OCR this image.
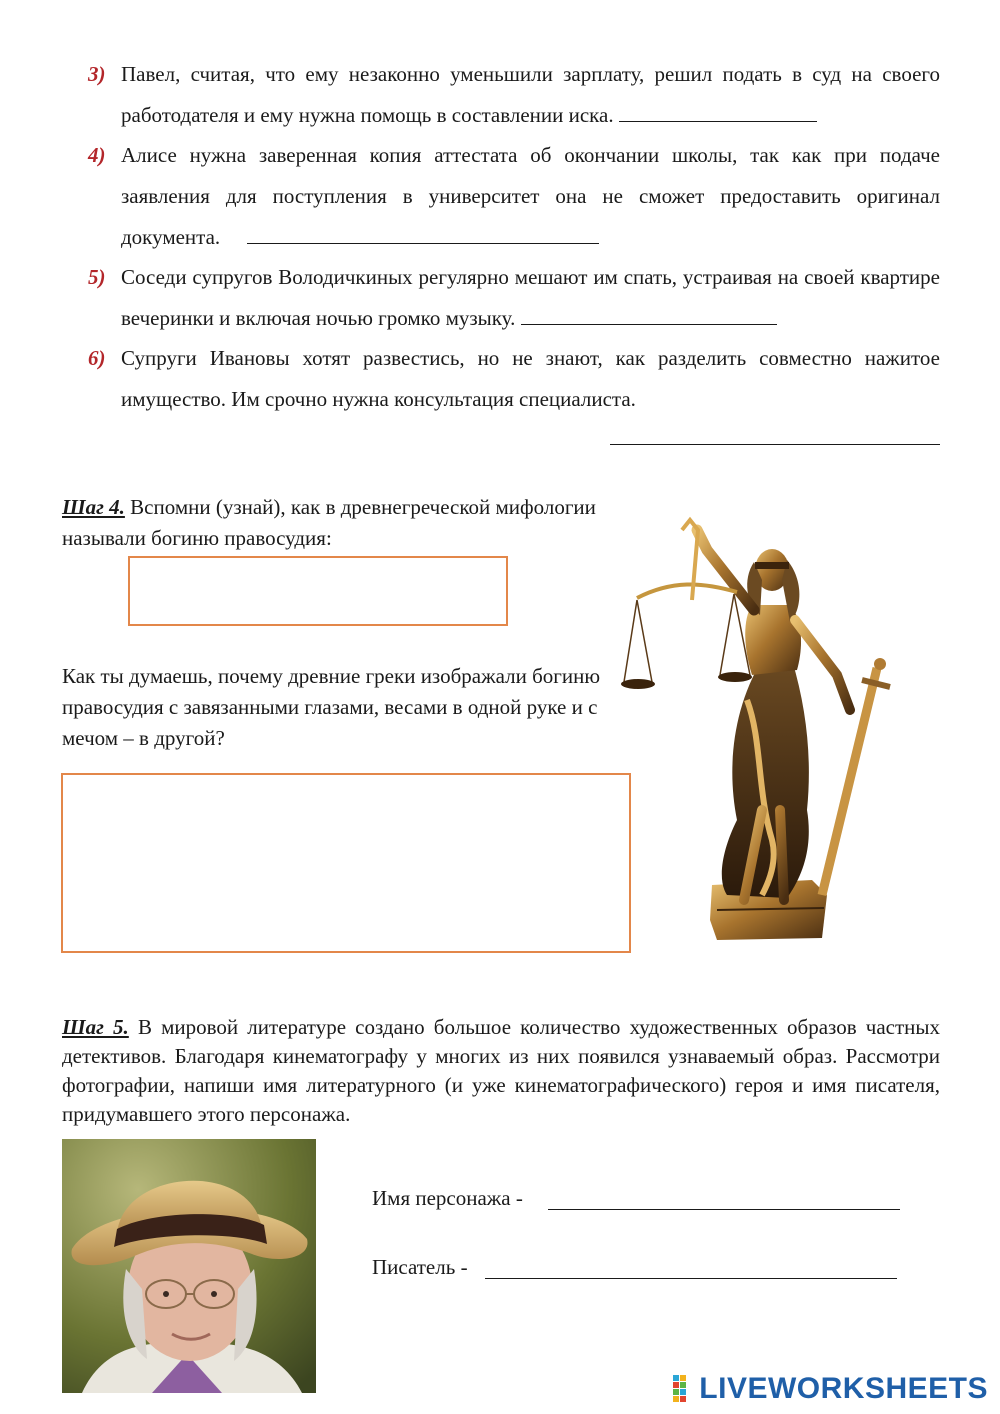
3) Павел, считая, что ему незаконно уменьшили зарплату, решил подать в суд на своего работодателя и ему нужна помощь в составлении иска.
4) Алисе нужна заверенная копия аттестата об окончании школы, так как при подаче заявления для поступления в университет она не сможет предоставить оригинал документа.
5) Соседи супругов Володичкиных регулярно мешают им спать, устраивая на своей квартире вечеринки и включая ночью громко музыку.
6) Супруги Ивановы хотят развестись, но не знают, как разделить совместно нажитое имущество. Им срочно нужна консультация специалиста.
Шаг 4. Вспомни (узнай), как в древнегреческой мифологии называли богиню правосудия:
Как ты думаешь, почему древние греки изображали богиню правосудия с завязанными глазами, весами в одной руке и с мечом – в другой?
Шаг 5. В мировой литературе создано большое количество художественных образов частных детективов. Благодаря кинематографу у многих из них появился узнаваемый образ. Рассмотри фотографии, напиши имя литературного (и уже кинематографического) героя и имя писателя, придумавшего этого персонажа.
Имя персонажа -
Писатель -
LIVEWORKSHEETS
